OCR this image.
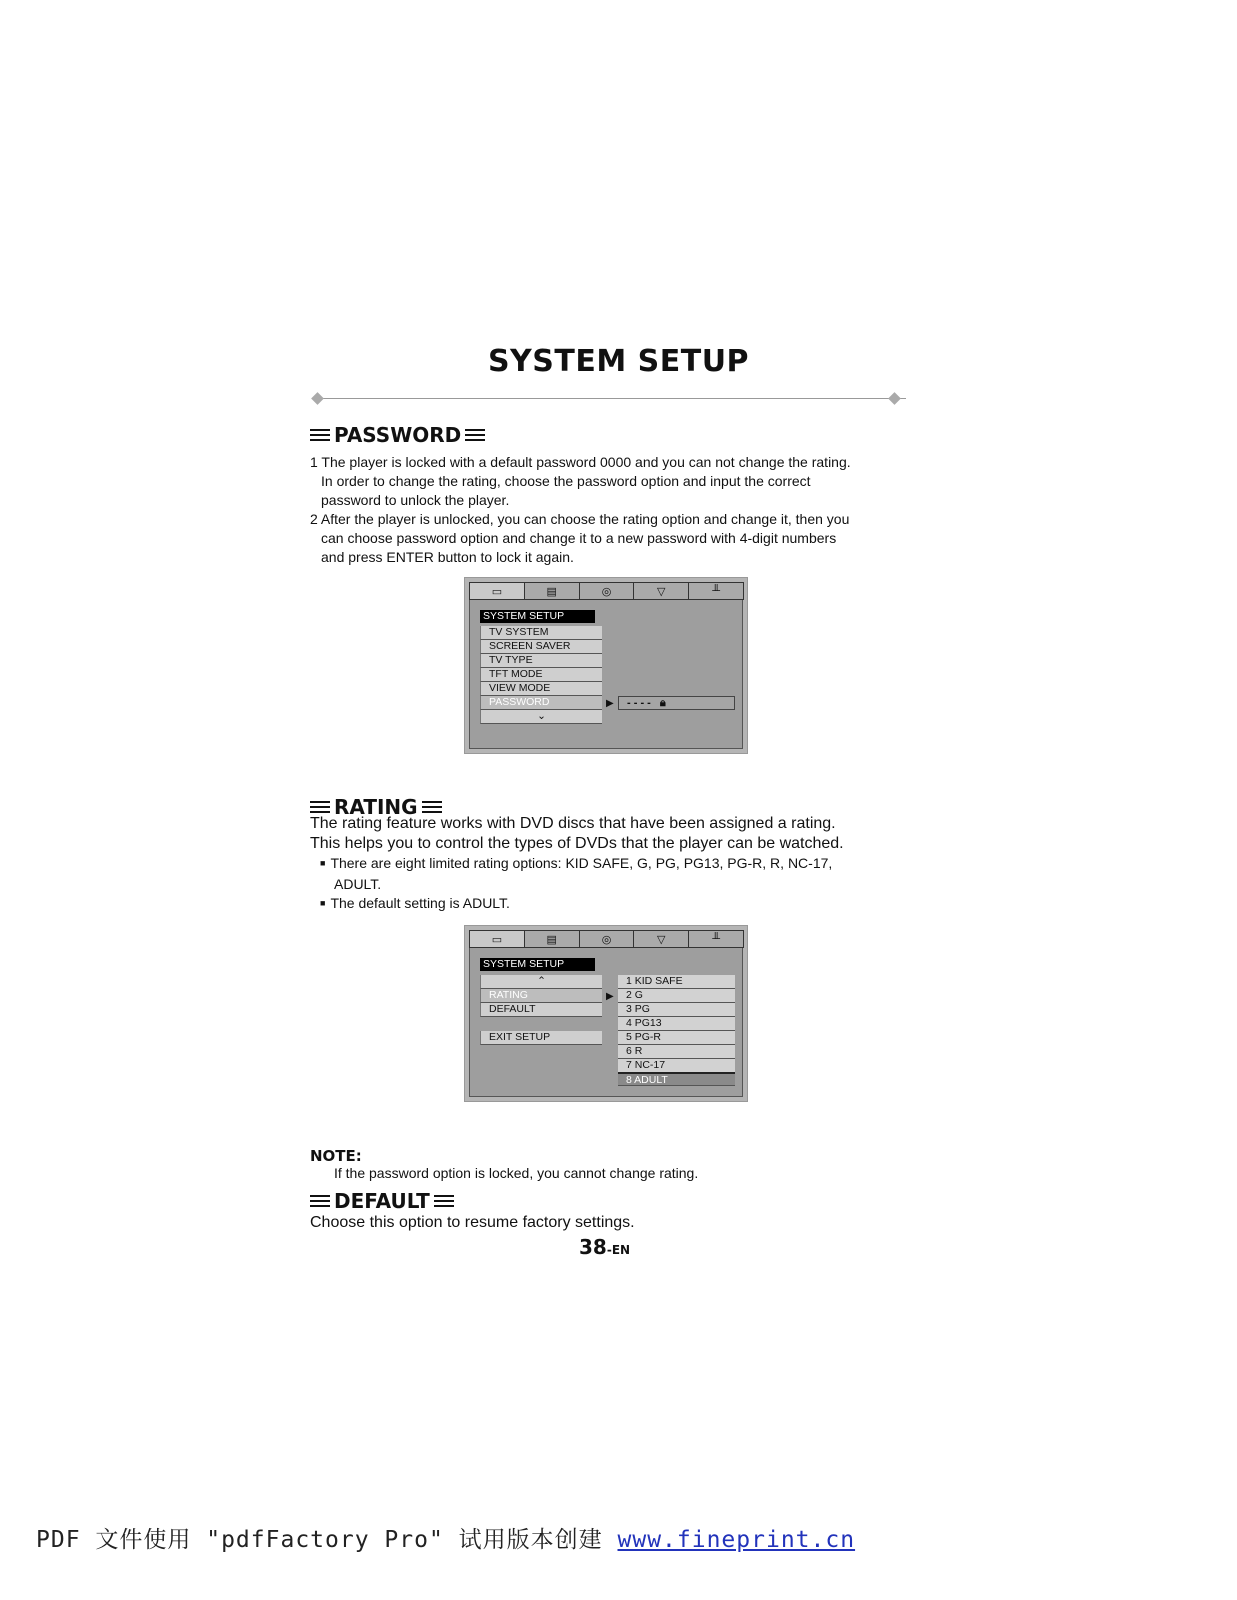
SYSTEM SETUP
PASSWORD
1 The player is locked with a default password 0000 and you can not change the rating.
In order to change the rating, choose the password option and input the correct
password to unlock the player.
2 After the player is unlocked, you can choose the rating option and change it, then you
can choose password option and change it to a new password with 4-digit numbers
and press ENTER button to lock it again.
▭	▤	◎	▽	╨
SYSTEM SETUP
TV SYSTEM
SCREEN SAVER
TV TYPE
TFT MODE
VIEW MODE
PASSWORD
⌄
▶	- - - - 🔒︎
RATING
The rating feature works with DVD discs that have been assigned a rating.
This helps you to control the types of DVDs that the player can be watched.
■ There are eight limited rating options: KID SAFE, G, PG, PG13, PG-R, R, NC-17,
ADULT.
■ The default setting is ADULT.
▭	▤	◎	▽	╨
SYSTEM SETUP
⌃
RATING
DEFAULT
EXIT SETUP
▶
1 KID SAFE
2 G
3 PG
4 PG13
5 PG-R
6 R
7 NC-17
8 ADULT
NOTE:
If the password option is locked, you cannot change rating.
DEFAULT
Choose this option to resume factory settings.
38-EN
PDF 文件使用 "pdfFactory Pro" 试用版本创建 www.fineprint.cn
